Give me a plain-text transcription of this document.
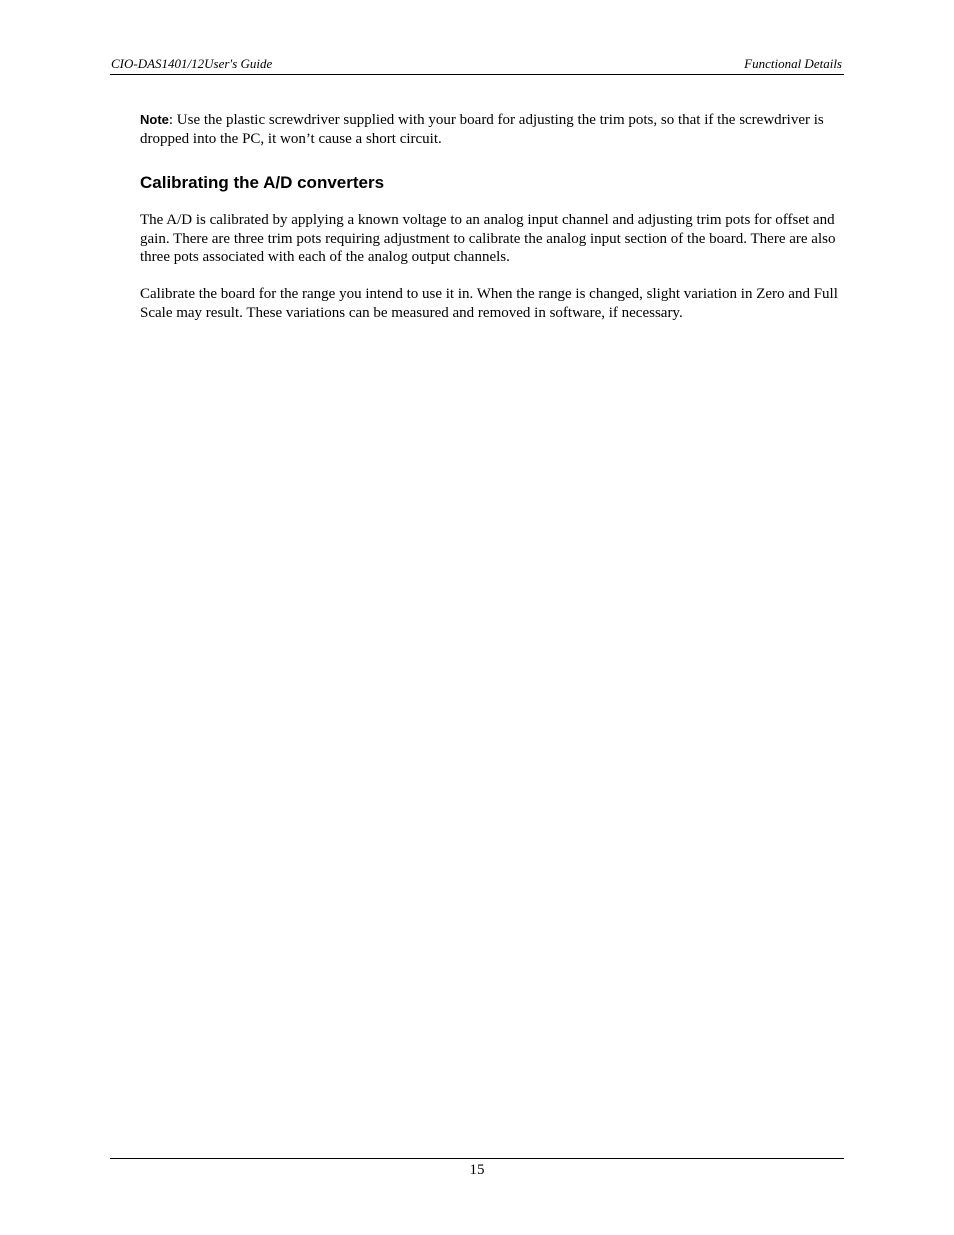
CIO-DAS1401/12User's Guide	Functional Details

Note: Use the plastic screwdriver supplied with your board for adjusting the trim pots, so that if the screwdriver is dropped into the PC, it won’t cause a short circuit.

Calibrating the A/D converters

The A/D is calibrated by applying a known voltage to an analog input channel and adjusting trim pots for offset and gain. There are three trim pots requiring adjustment to calibrate the analog input section of the board. There are also three pots associated with each of the analog output channels.

Calibrate the board for the range you intend to use it in. When the range is changed, slight variation in Zero and Full Scale may result. These variations can be measured and removed in software, if necessary.

15
